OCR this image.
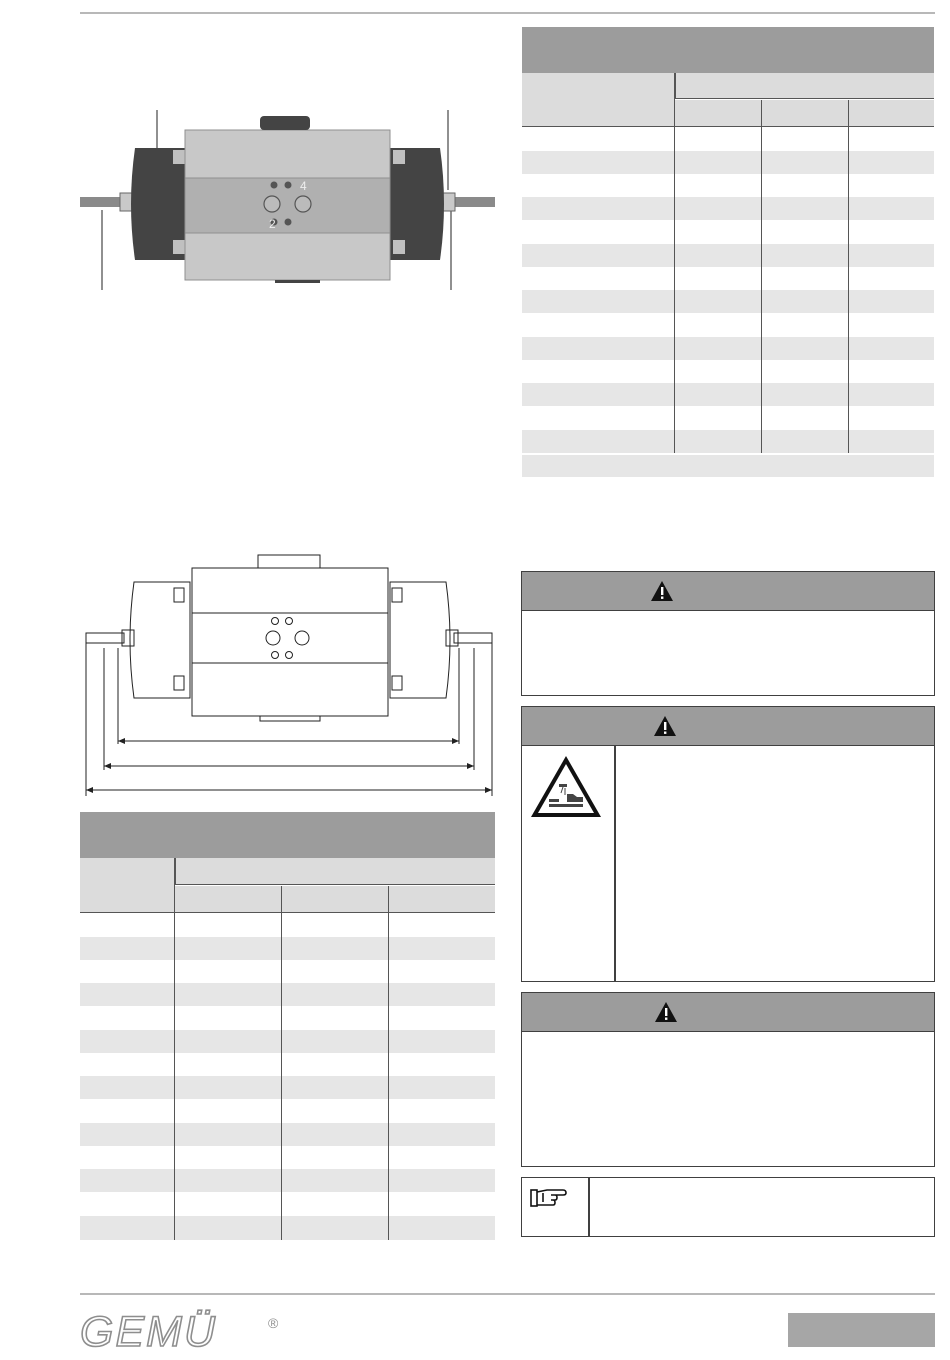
4
2
GEMÜ	®
